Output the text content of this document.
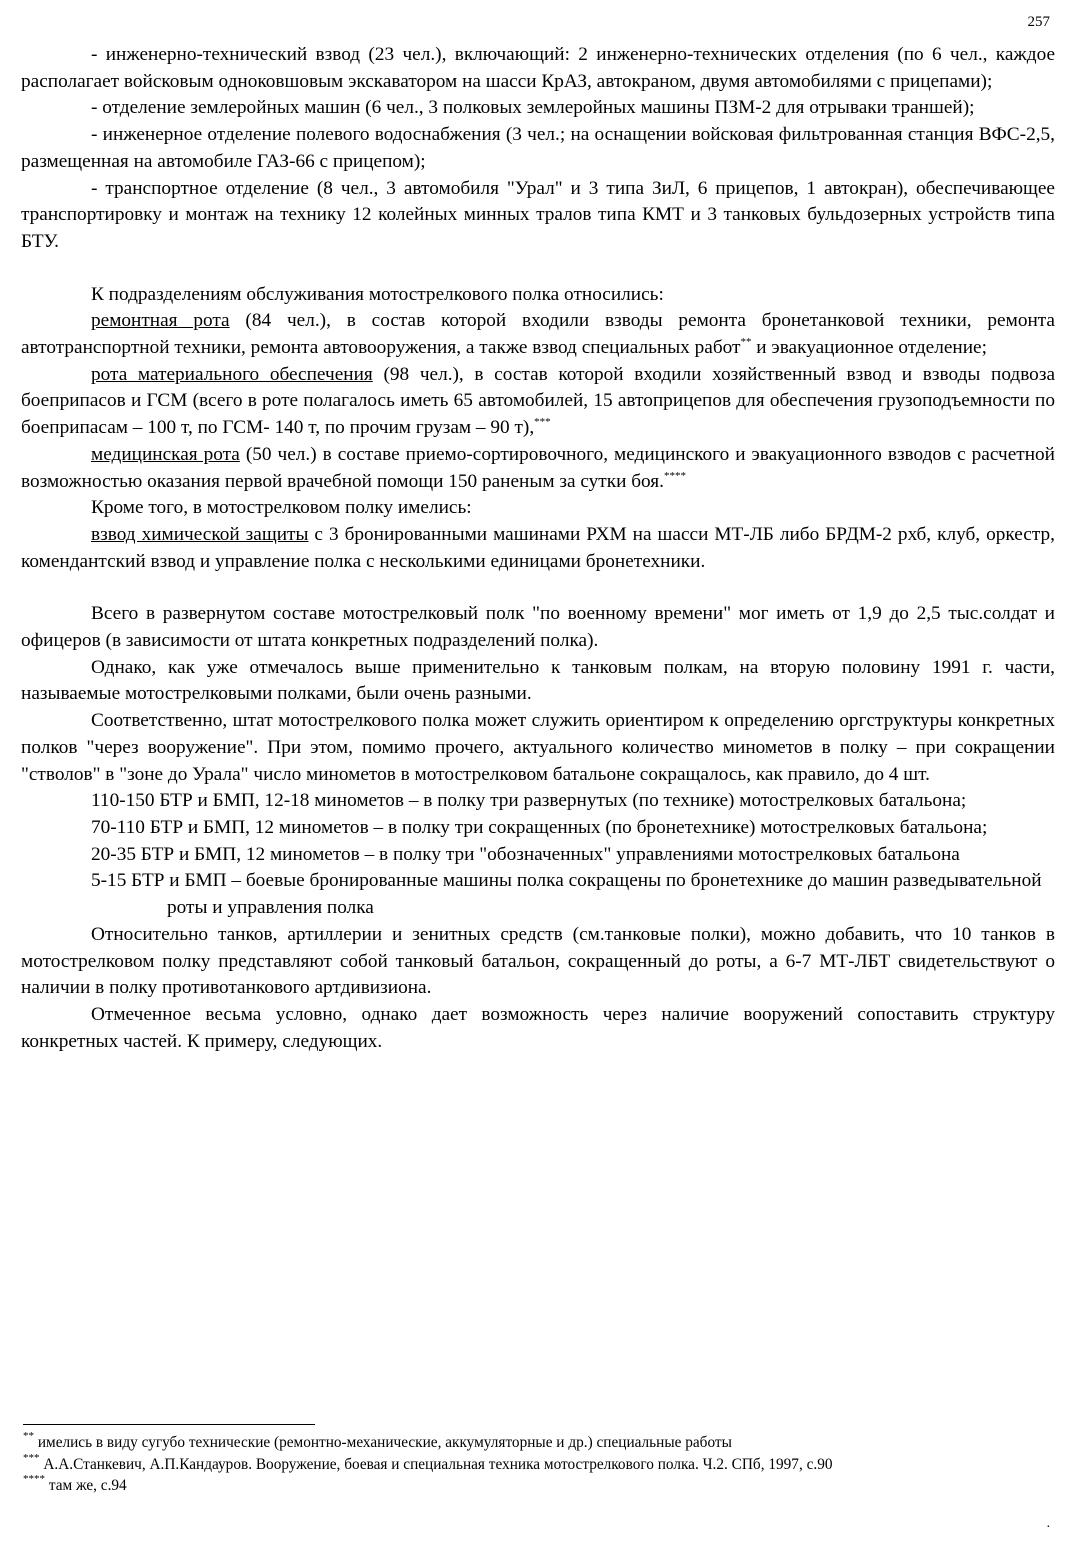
257

- инженерно-технический взвод (23 чел.), включающий: 2 инженерно-технических отделения (по 6 чел., каждое располагает войсковым одноковшовым экскаватором на шасси КрАЗ, автокраном, двумя автомобилями с прицепами);

- отделение землеройных машин (6 чел., 3 полковых землеройных машины ПЗМ-2 для отрываки траншей);

- инженерное отделение полевого водоснабжения (3 чел.; на оснащении войсковая фильтрованная станция ВФС-2,5, размещенная на автомобиле ГАЗ-66 с прицепом);

- транспортное отделение (8 чел., 3 автомобиля "Урал" и 3 типа ЗиЛ, 6 прицепов, 1 автокран), обеспечивающее транспортировку и монтаж на технику 12 колейных минных тралов типа КМТ и 3 танковых бульдозерных устройств типа БТУ.

К подразделениям обслуживания мотострелкового полка относились:

ремонтная рота (84 чел.), в состав которой входили взводы ремонта бронетанковой техники, ремонта автотранспортной техники, ремонта автовооружения, а также взвод специальных работ** и эвакуационное отделение;

рота материального обеспечения (98 чел.), в состав которой входили хозяйственный взвод и взводы подвоза боеприпасов и ГСМ (всего в роте полагалось иметь 65 автомобилей, 15 автоприцепов для обеспечения грузоподъемности по боеприпасам – 100 т, по ГСМ- 140 т, по прочим грузам – 90 т),***

медицинская рота (50 чел.) в составе приемо-сортировочного, медицинского и эвакуационного взводов с расчетной возможностью оказания первой врачебной помощи 150 раненым за сутки боя.****

Кроме того, в мотострелковом полку имелись:

взвод химической защиты с 3 бронированными машинами РХМ на шасси МТ-ЛБ либо БРДМ-2 рхб, клуб, оркестр, комендантский взвод и управление полка с несколькими единицами бронетехники.

Всего в развернутом составе мотострелковый полк "по военному времени" мог иметь от 1,9 до 2,5 тыс.солдат и офицеров (в зависимости от штата конкретных подразделений полка).

Однако, как уже отмечалось выше применительно к танковым полкам, на вторую половину 1991 г. части, называемые мотострелковыми полками, были очень разными.

Соответственно, штат мотострелкового полка может служить ориентиром к определению оргструктуры конкретных полков "через вооружение". При этом, помимо прочего, актуального количество минометов в полку – при сокращении "стволов" в "зоне до Урала" число минометов в мотострелковом батальоне сокращалось, как правило, до 4 шт.

110-150 БТР и БМП, 12-18 минометов – в полку три развернутых (по технике) мотострелковых батальона;

70-110 БТР и БМП, 12 минометов – в полку три сокращенных (по бронетехнике) мотострелковых батальона;

20-35 БТР и БМП, 12 минометов – в полку три "обозначенных" управлениями мотострелковых батальона

5-15 БТР и БМП – боевые бронированные машины полка сокращены по бронетехнике до машин разведывательной роты и управления полка

Относительно танков, артиллерии и зенитных средств (см.танковые полки), можно добавить, что 10 танков в мотострелковом полку представляют собой танковый батальон, сокращенный до роты, а 6-7 МТ-ЛБТ свидетельствуют о наличии в полку противотанкового артдивизиона.

Отмеченное весьма условно, однако дает возможность через наличие вооружений сопоставить структуру конкретных частей. К примеру, следующих.

** имелись в виду сугубо технические (ремонтно-механические, аккумуляторные и др.) специальные работы

*** А.А.Станкевич, А.П.Кандауров. Вооружение, боевая и специальная техника мотострелкового полка. Ч.2. СПб, 1997, с.90

**** там же, с.94

·
